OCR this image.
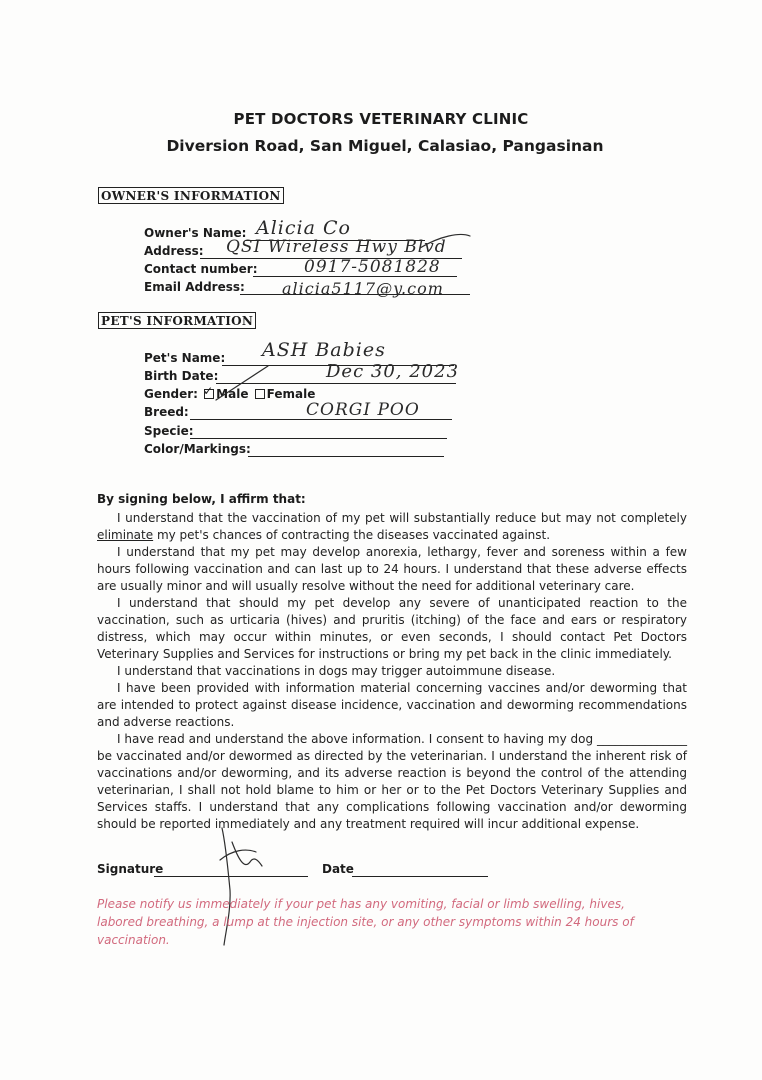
PET DOCTORS VETERINARY CLINIC
Diversion Road, San Miguel, Calasiao, Pangasinan
OWNER'S INFORMATION
Owner's Name: Alicia Co
Address: QSI Wireless Hwy Blvd
Contact number:	0917-5081828
Email Address: alicia5117@y.com
PET'S INFORMATION
Pet's Name: ASH Babies
Birth Date:	Dec 30, 2023
Gender: ✓ Male Female
Breed:	CORGI POO
Specie:
Color/Markings:
By signing below, I affirm that:

I understand that the vaccination of my pet will substantially reduce but may not completely eliminate my pet's chances of contracting the diseases vaccinated against.

I understand that my pet may develop anorexia, lethargy, fever and soreness within a few hours following vaccination and can last up to 24 hours. I understand that these adverse effects are usually minor and will usually resolve without the need for additional veterinary care.

I understand that should my pet develop any severe of unanticipated reaction to the vaccination, such as urticaria (hives) and pruritis (itching) of the face and ears or respiratory distress, which may occur within minutes, or even seconds, I should contact Pet Doctors Veterinary Supplies and Services for instructions or bring my pet back in the clinic immediately.

I understand that vaccinations in dogs may trigger autoimmune disease.

I have been provided with information material concerning vaccines and/or deworming that are intended to protect against disease incidence, vaccination and deworming recommendations and adverse reactions.

I have read and understand the above information. I consent to having my dog _______________ be vaccinated and/or dewormed as directed by the veterinarian. I understand the inherent risk of vaccinations and/or deworming, and its adverse reaction is beyond the control of the attending veterinarian, I shall not hold blame to him or her or to the Pet Doctors Veterinary Supplies and Services staffs. I understand that any complications following vaccination and/or deworming should be reported immediately and any treatment required will incur additional expense.

Signature	Date
Please notify us immediately if your pet has any vomiting, facial or limb swelling, hives, labored breathing, a lump at the injection site, or any other symptoms within 24 hours of vaccination.
